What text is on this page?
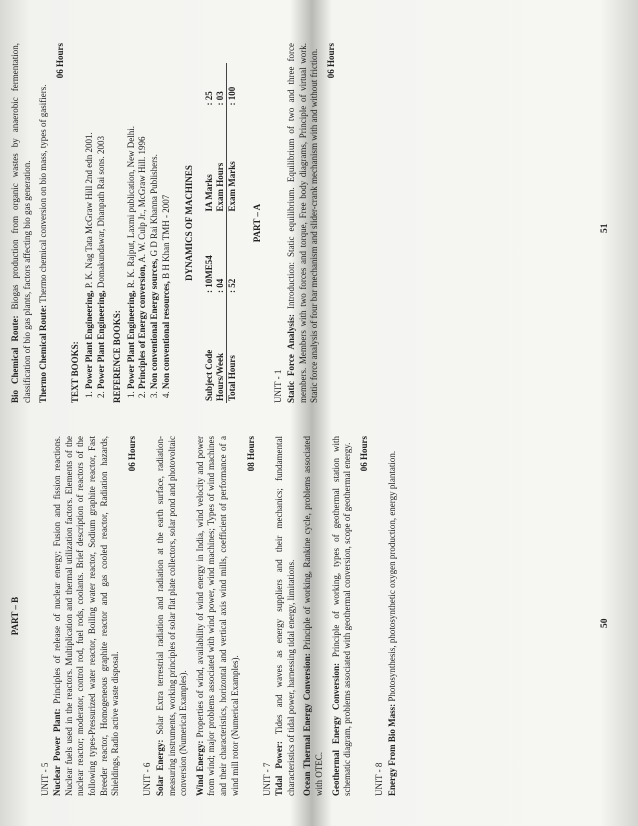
PART – B
UNIT - 5 Nuclear Power Plant: Principles of release of nuclear energy; Fusion and fission reactions. Nuclear fuels used in the reactors. Multiplication and thermal utilization factors. Elements of the nuclear reactor; moderator, control rod, fuel rods, coolants. Brief description of reactors of the following types-Pressurized water reactor, Boiling water reactor, Sodium graphite reactor, Fast Breeder reactor, Homogeneous graphite reactor and gas cooled reactor, Radiation hazards, Shieldings, Radio active waste disposal.

06 Hours
UNIT - 6 Solar Energy: Solar Extra terrestrial radiation and radiation at the earth surface, radiation-measuring instruments, working principles of solar flat plate collectors, solar pond and photovoltaic conversion (Numerical Examples). Wind Energy: Properties of wind, availability of wind energy in India, wind velocity and power from wind; major problems associated with wind power, wind machines; Types of wind machines and their characteristics, horizontal and vertical axis wind mills, coefficient of performance of a wind mill rotor (Numerical Examples).

08 Hours
UNIT - 7 Tidal Power: Tides and waves as energy suppliers and their mechanics; fundamental characteristics of tidal power, harnessing tidal energy, limitations. Ocean Thermal Energy Conversion: Principle of working, Rankine cycle, problems associated with OTEC. Geothermal Energy Conversion: Principle of working, types of geothermal station with schematic diagram, problems associated with geothermal conversion, scope of geothermal energy. 06 Hours
UNIT - 8 Energy From Bio Mass: Photosynthesis, photosynthetic oxygen production, energy plantation.	50

Bio Chemical Route: Biogas production from organic wastes by anaerobic fermentation, classification of bio gas plants, factors affecting bio gas generation. Thermo Chemical Route: Thermo chemical conversion on bio mass, types of gasifiers.

06 Hours
TEXT BOOKS: 1. Power Plant Engineering, P. K. Nag Tata McGraw Hill 2nd edn 2001.
2. Power Plant Engineering, Domakundawar, Dhanpath Rai sons. 2003
REFERENCE BOOKS: 1. Power Plant Engineering, R. K. Rajput, Laxmi publication, New Delhi.
2. Principles of Energy conversion, A. W. Culp Jr., McGraw Hill. 1996
3. Non conventional Energy sources, G D Rai Khanna Publishers.
4. Non conventional resources, B H Khan TMH - 2007 DYNAMICS OF MACHINES
Subject Code	: 10ME54	IA Marks	: 25
Hours/Week	: 04	Exam Hours	: 03
Total Hours	: 52	Exam Marks	: 100
PART – A
UNIT - 1 Static Force Analysis: Introduction: Static equilibrium. Equilibrium of two and three force members. Members with two forces and torque, Free body diagrams, Principle of virtual work. Static force analysis of four bar mechanism and slider-crank mechanism with and without friction. 06 Hours
51
